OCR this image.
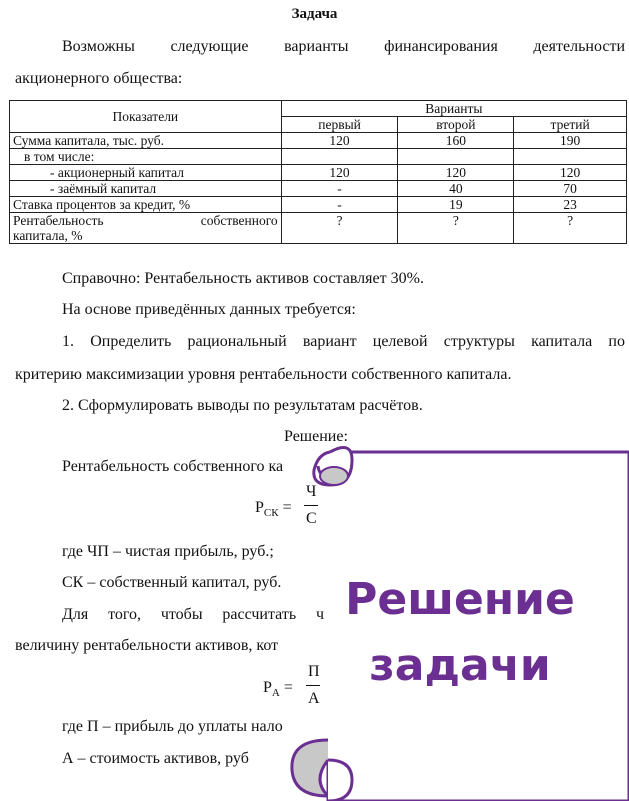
Задача
Возможны следующие варианты финансирования деятельности
акционерного общества:
Показатели	Варианты		
	первый	второй	третий
Сумма капитала, тыс. руб.	120	160	190
в том числе:			
- акционерный капитал	120	120	120
- заёмный капитал	-	40	70
Ставка процентов за кредит, %	-	19	23

Рентабельность собственного
капитала, %	?	?	?
Справочно: Рентабельность активов составляет 30%.
На основе приведённых данных требуется:
1. Определить рациональный вариант целевой структуры капитала по
критерию максимизации уровня рентабельности собственного капитала.
2. Сформулировать выводы по результатам расчётов.
Решение:
Рентабельность собственного ка
$Р_{СК}$ =
Ч
С
где ЧП – чистая прибыль, руб.;
СК – собственный капитал, руб.
Для того, чтобы рассчитать ч
величину рентабельности активов, кот
$Р_А$ =
П
А
где П – прибыль до уплаты нало
А – стоимость активов, руб
Решение
задачи
